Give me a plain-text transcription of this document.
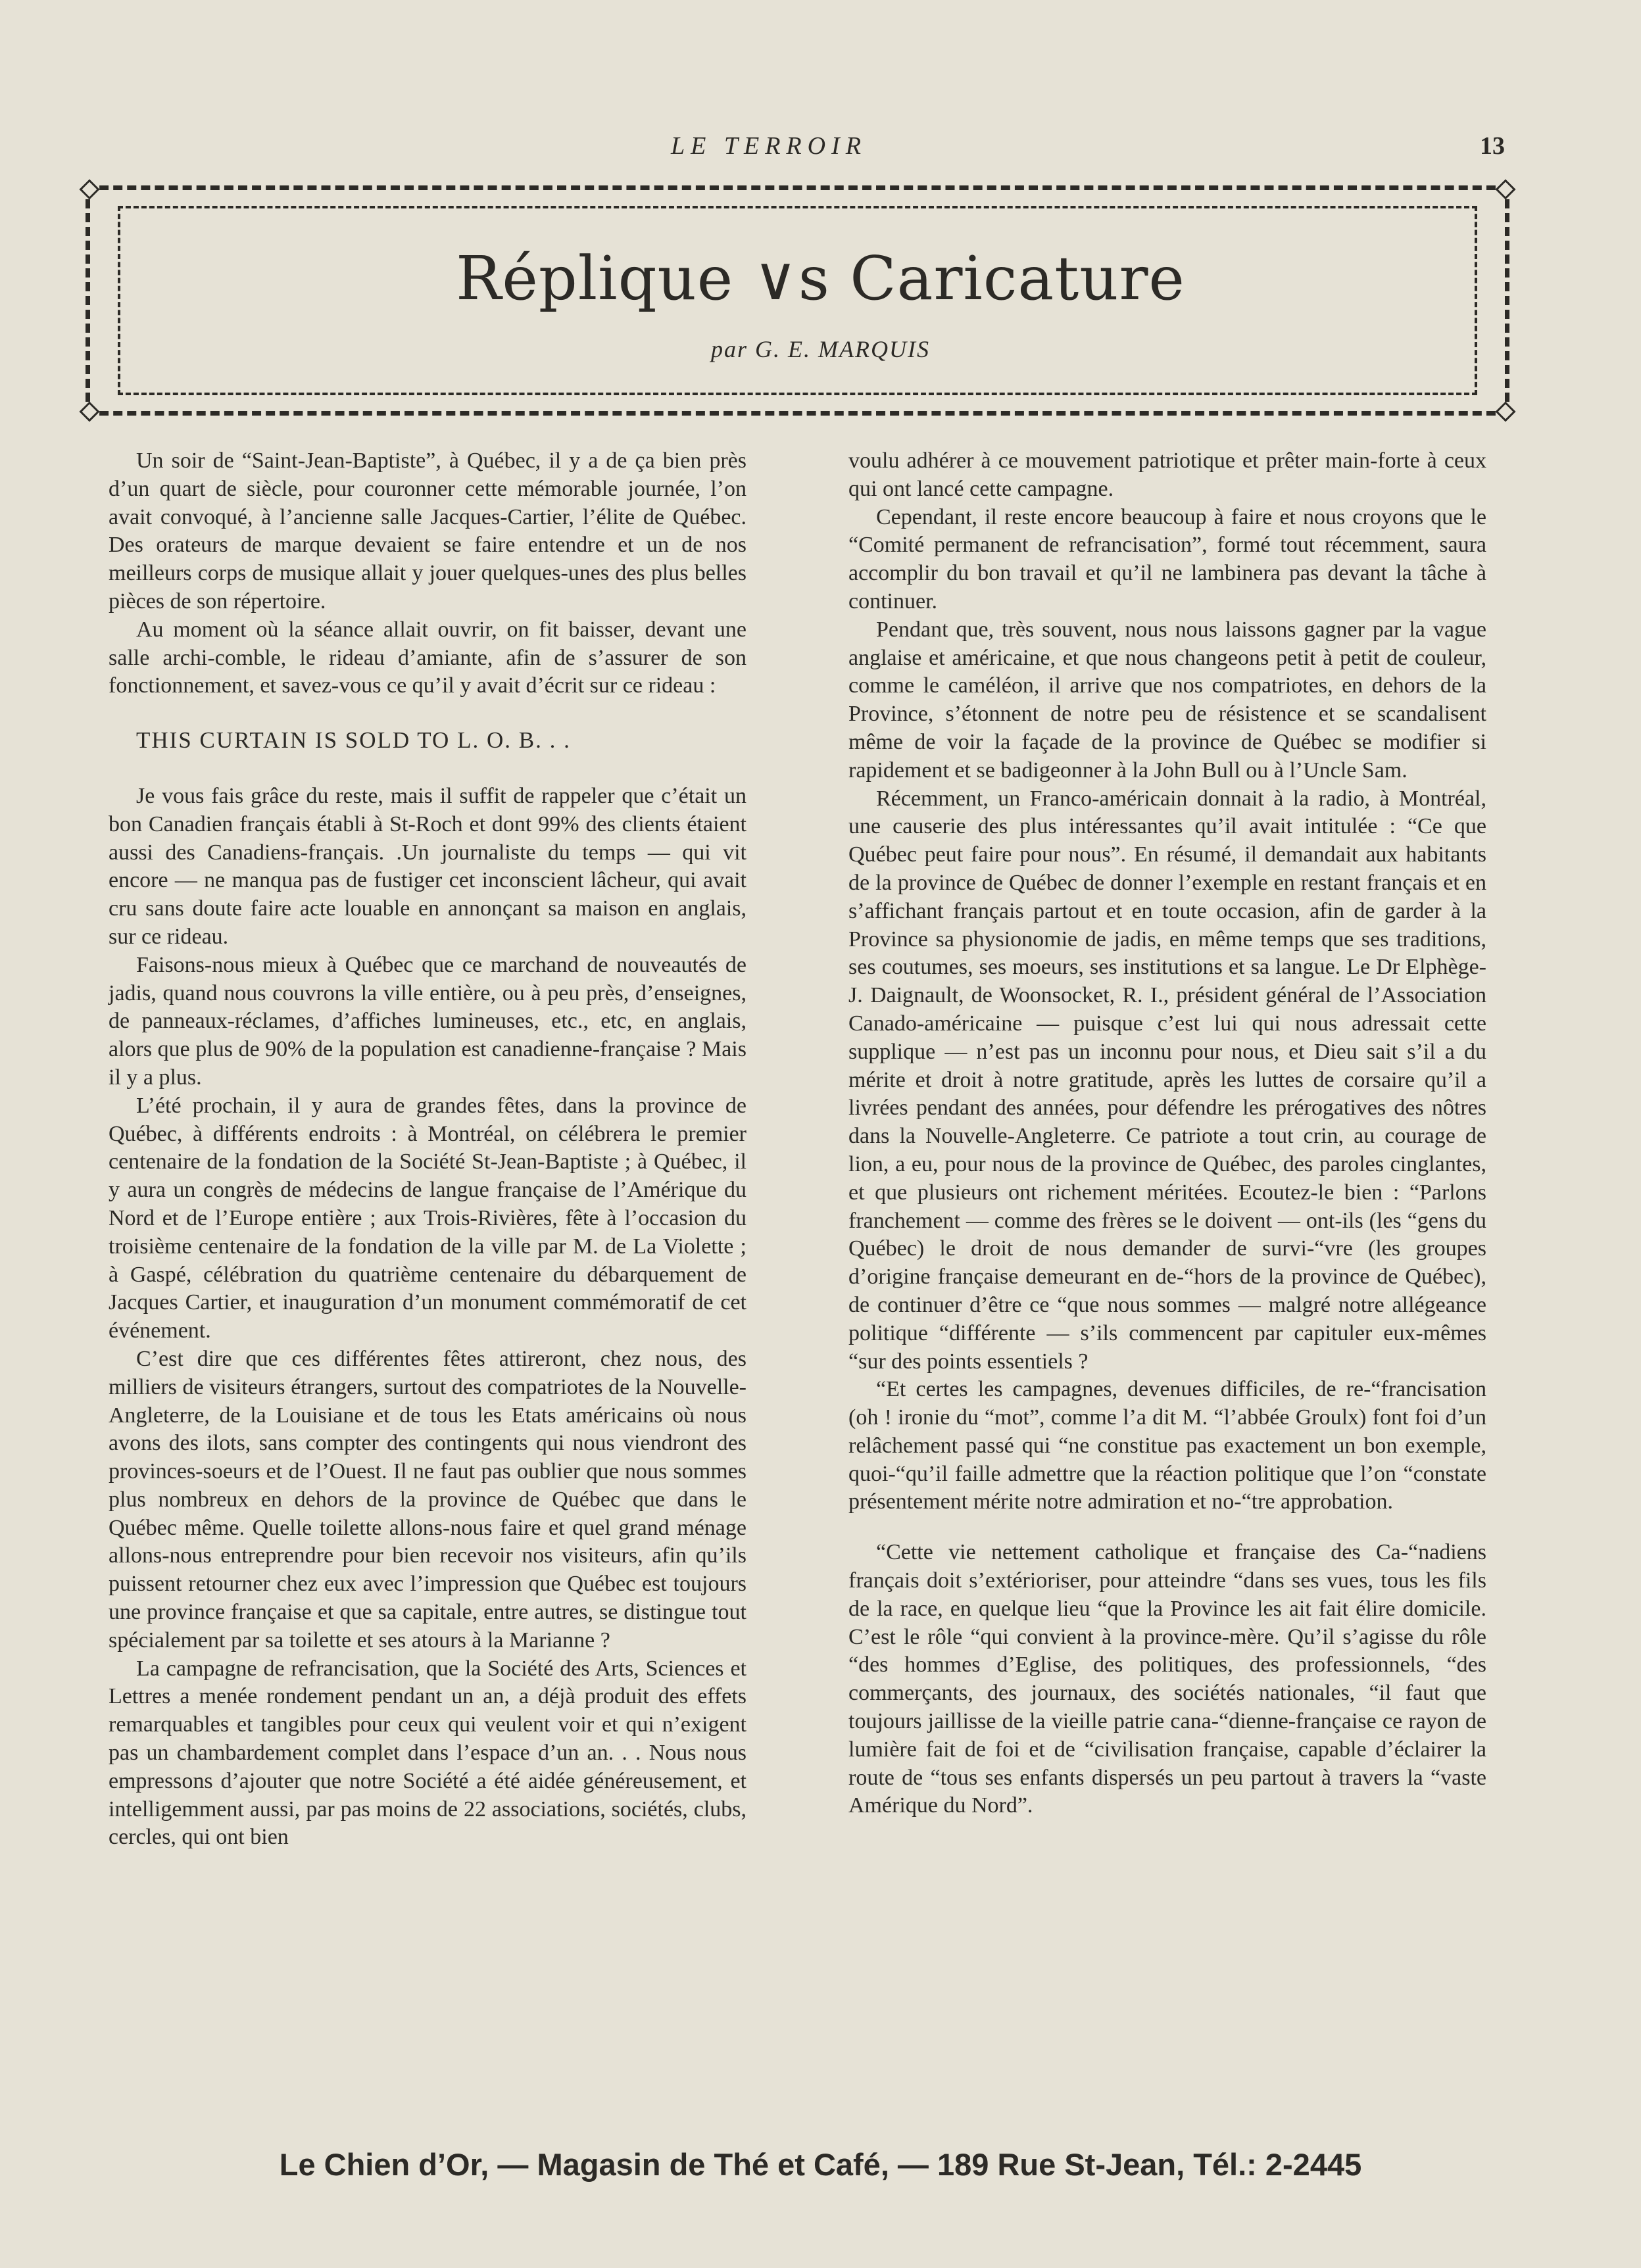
LE TERROIR	13
Réplique ∨s Caricature
par G. E. MARQUIS

Un soir de “Saint-Jean-Baptiste”, à Québec, il y a de ça bien près d’un quart de siècle, pour couronner cette mémorable journée, l’on avait convoqué, à l’ancienne salle Jacques-Cartier, l’élite de Québec. Des orateurs de marque devaient se faire entendre et un de nos meilleurs corps de musique allait y jouer quelques-unes des plus belles pièces de son répertoire.

Au moment où la séance allait ouvrir, on fit baisser, devant une salle archi-comble, le rideau d’amiante, afin de s’assurer de son fonctionnement, et savez-vous ce qu’il y avait d’écrit sur ce rideau :

THIS CURTAIN IS SOLD TO L. O. B. . .

Je vous fais grâce du reste, mais il suffit de rappeler que c’était un bon Canadien français établi à St-Roch et dont 99% des clients étaient aussi des Canadiens-français. .Un journaliste du temps — qui vit encore — ne manqua pas de fustiger cet inconscient lâcheur, qui avait cru sans doute faire acte louable en annonçant sa maison en anglais, sur ce rideau.

Faisons-nous mieux à Québec que ce marchand de nouveautés de jadis, quand nous couvrons la ville entière, ou à peu près, d’enseignes, de panneaux-réclames, d’affiches lumineuses, etc., etc, en anglais, alors que plus de 90% de la population est canadienne-française ? Mais il y a plus.

L’été prochain, il y aura de grandes fêtes, dans la province de Québec, à différents endroits : à Montréal, on célébrera le premier centenaire de la fondation de la Société St-Jean-Baptiste ; à Québec, il y aura un congrès de médecins de langue française de l’Amérique du Nord et de l’Europe entière ; aux Trois-Rivières, fête à l’occasion du troisième centenaire de la fondation de la ville par M. de La Violette ; à Gaspé, célébration du quatrième centenaire du débarquement de Jacques Cartier, et inauguration d’un monument commémoratif de cet événement.

C’est dire que ces différentes fêtes attireront, chez nous, des milliers de visiteurs étrangers, surtout des compatriotes de la Nouvelle-Angleterre, de la Louisiane et de tous les Etats américains où nous avons des ilots, sans compter des contingents qui nous viendront des provinces-soeurs et de l’Ouest. Il ne faut pas oublier que nous sommes plus nombreux en dehors de la province de Québec que dans le Québec même. Quelle toilette allons-nous faire et quel grand ménage allons-nous entreprendre pour bien recevoir nos visiteurs, afin qu’ils puissent retourner chez eux avec l’impression que Québec est toujours une province française et que sa capitale, entre autres, se distingue tout spécialement par sa toilette et ses atours à la Marianne ?

La campagne de refrancisation, que la Société des Arts, Sciences et Lettres a menée rondement pendant un an, a déjà produit des effets remarquables et tangibles pour ceux qui veulent voir et qui n’exigent pas un chambardement complet dans l’espace d’un an. . . Nous nous empressons d’ajouter que notre Société a été aidée généreusement, et intelligemment aussi, par pas moins de 22 associations, sociétés, clubs, cercles, qui ont bien

voulu adhérer à ce mouvement patriotique et prêter main-forte à ceux qui ont lancé cette campagne.

Cependant, il reste encore beaucoup à faire et nous croyons que le “Comité permanent de refrancisation”, formé tout récemment, saura accomplir du bon travail et qu’il ne lambinera pas devant la tâche à continuer.

Pendant que, très souvent, nous nous laissons gagner par la vague anglaise et américaine, et que nous changeons petit à petit de couleur, comme le caméléon, il arrive que nos compatriotes, en dehors de la Province, s’étonnent de notre peu de résistence et se scandalisent même de voir la façade de la province de Québec se modifier si rapidement et se badigeonner à la John Bull ou à l’Uncle Sam.

Récemment, un Franco-américain donnait à la radio, à Montréal, une causerie des plus intéressantes qu’il avait intitulée : “Ce que Québec peut faire pour nous”. En résumé, il demandait aux habitants de la province de Québec de donner l’exemple en restant français et en s’affichant français partout et en toute occasion, afin de garder à la Province sa physionomie de jadis, en même temps que ses traditions, ses coutumes, ses moeurs, ses institutions et sa langue. Le Dr Elphège-J. Daignault, de Woonsocket, R. I., président général de l’Association Canado-américaine — puisque c’est lui qui nous adressait cette supplique — n’est pas un inconnu pour nous, et Dieu sait s’il a du mérite et droit à notre gratitude, après les luttes de corsaire qu’il a livrées pendant des années, pour défendre les prérogatives des nôtres dans la Nouvelle-Angleterre. Ce patriote a tout crin, au courage de lion, a eu, pour nous de la province de Québec, des paroles cinglantes, et que plusieurs ont richement méritées. Ecoutez-le bien : “Parlons franchement — comme des frères se le doivent — ont-ils (les “gens du Québec) le droit de nous demander de survi-“vre (les groupes d’origine française demeurant en de-“hors de la province de Québec), de continuer d’être ce “que nous sommes — malgré notre allégeance politique “différente — s’ils commencent par capituler eux-mêmes “sur des points essentiels ?

“Et certes les campagnes, devenues difficiles, de re-“francisation (oh ! ironie du “mot”, comme l’a dit M. “l’abbée Groulx) font foi d’un relâchement passé qui “ne constitue pas exactement un bon exemple, quoi-“qu’il faille admettre que la réaction politique que l’on “constate présentement mérite notre admiration et no-“tre approbation.

“Cette vie nettement catholique et française des Ca-“nadiens français doit s’extérioriser, pour atteindre “dans ses vues, tous les fils de la race, en quelque lieu “que la Province les ait fait élire domicile. C’est le rôle “qui convient à la province-mère. Qu’il s’agisse du rôle “des hommes d’Eglise, des politiques, des professionnels, “des commerçants, des journaux, des sociétés nationales, “il faut que toujours jaillisse de la vieille patrie cana-“dienne-française ce rayon de lumière fait de foi et de “civilisation française, capable d’éclairer la route de “tous ses enfants dispersés un peu partout à travers la “vaste Amérique du Nord”.

Le Chien d’Or, — Magasin de Thé et Café, — 189 Rue St-Jean, Tél.: 2-2445
